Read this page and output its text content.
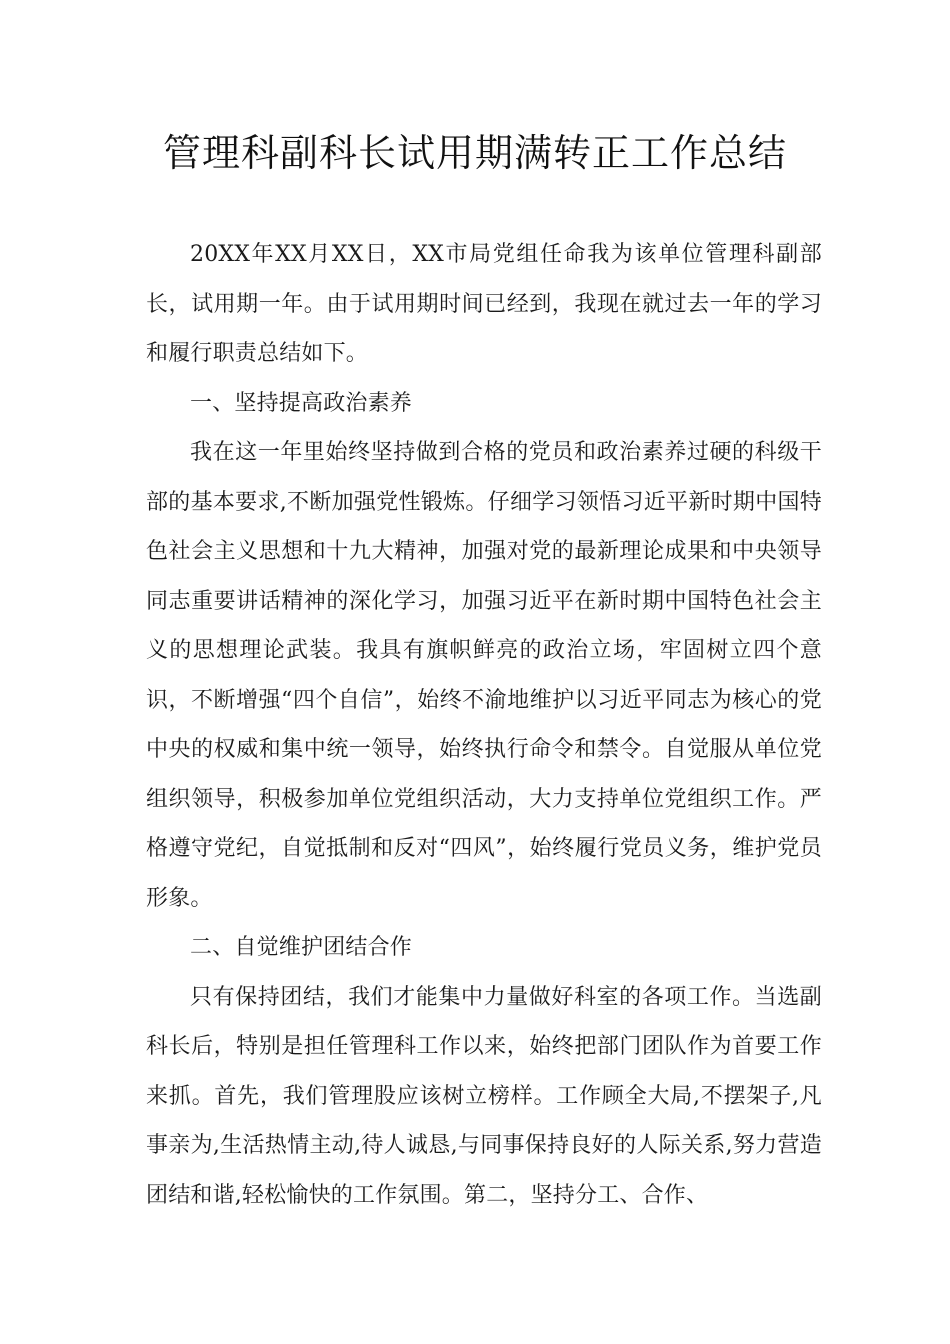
管理科副科长试用期满转正工作总结

20XX年XX月XX日，XX市局党组任命我为该单位管理科副部长，试用期一年。由于试用期时间已经到，我现在就过去一年的学习和履行职责总结如下。

一、坚持提高政治素养

我在这一年里始终坚持做到合格的党员和政治素养过硬的科级干部的基本要求,不断加强党性锻炼。仔细学习领悟习近平新时期中国特色社会主义思想和十九大精神，加强对党的最新理论成果和中央领导同志重要讲话精神的深化学习，加强习近平在新时期中国特色社会主义的思想理论武装。我具有旗帜鲜亮的政治立场，牢固树立四个意识，不断增强“四个自信”，始终不渝地维护以习近平同志为核心的党中央的权威和集中统一领导，始终执行命令和禁令。自觉服从单位党组织领导，积极参加单位党组织活动，大力支持单位党组织工作。严格遵守党纪，自觉抵制和反对“四风”，始终履行党员义务，维护党员形象。

二、自觉维护团结合作

只有保持团结，我们才能集中力量做好科室的各项工作。当选副科长后，特别是担任管理科工作以来，始终把部门团队作为首要工作来抓。首先，我们管理股应该树立榜样。工作顾全大局,不摆架子,凡事亲为,生活热情主动,待人诚恳,与同事保持良好的人际关系,努力营造团结和谐,轻松愉快的工作氛围。第二，坚持分工、合作、
